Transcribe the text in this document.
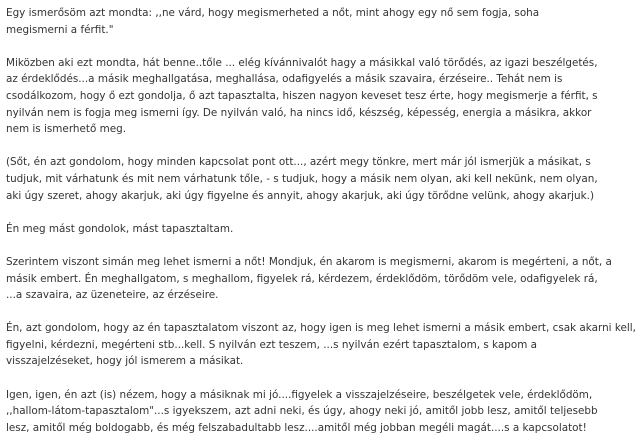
Egy ismerősöm azt mondta: ,,ne várd, hogy megismerheted a nőt, mint ahogy egy nő sem fogja, soha
megismerni a férfit."
Miközben aki ezt mondta, hát benne..tőle ... elég kívánnivalót hagy a másikkal való törődés, az igazi beszélgetés,
az érdeklődés...a másik meghallgatása, meghallása, odafigyelés a másik szavaira, érzéseire.. Tehát nem is
csodálkozom, hogy ő ezt gondolja, ő azt tapasztalta, hiszen nagyon keveset tesz érte, hogy megismerje a férfit, s
nyilván nem is fogja meg ismerni így. De nyilván való, ha nincs idő, készség, képesség, energia a másikra, akkor
nem is ismerhető meg.
(Sőt, én azt gondolom, hogy minden kapcsolat pont ott..., azért megy tönkre, mert már jól ismerjük a másikat, s
tudjuk, mit várhatunk és mit nem várhatunk tőle, - s tudjuk, hogy a másik nem olyan, aki kell nekünk, nem olyan,
aki úgy szeret, ahogy akarjuk, aki úgy figyelne és annyit, ahogy akarjuk, aki úgy törődne velünk, ahogy akarjuk.)
Én meg mást gondolok, mást tapasztaltam.
Szerintem viszont simán meg lehet ismerni a nőt! Mondjuk, én akarom is megismerni, akarom is megérteni, a nőt, a
másik embert. Én meghallgatom, s meghallom, figyelek rá, kérdezem, érdeklődöm, törődöm vele, odafigyelek rá,
...a szavaira, az üzeneteire, az érzéseire.
Én, azt gondolom, hogy az én tapasztalatom viszont az, hogy igen is meg lehet ismerni a másik embert, csak akarni kell,
figyelni, kérdezni, megérteni stb...kell. S nyilván ezt teszem, ...s nyilván ezért tapasztalom, s kapom a
visszajelzéseket, hogy jól ismerem a másikat.
Igen, igen, én azt (is) nézem, hogy a másiknak mi jó....figyelek a visszajelzéseire, beszélgetek vele, érdeklődöm,
,,hallom-látom-tapasztalom"...s igyekszem, azt adni neki, és úgy, ahogy neki jó, amitől jobb lesz, amitől teljesebb
lesz, amitől még boldogabb, és még felszabadultabb lesz....amitől még jobban megéli magát....s a kapcsolatot!
